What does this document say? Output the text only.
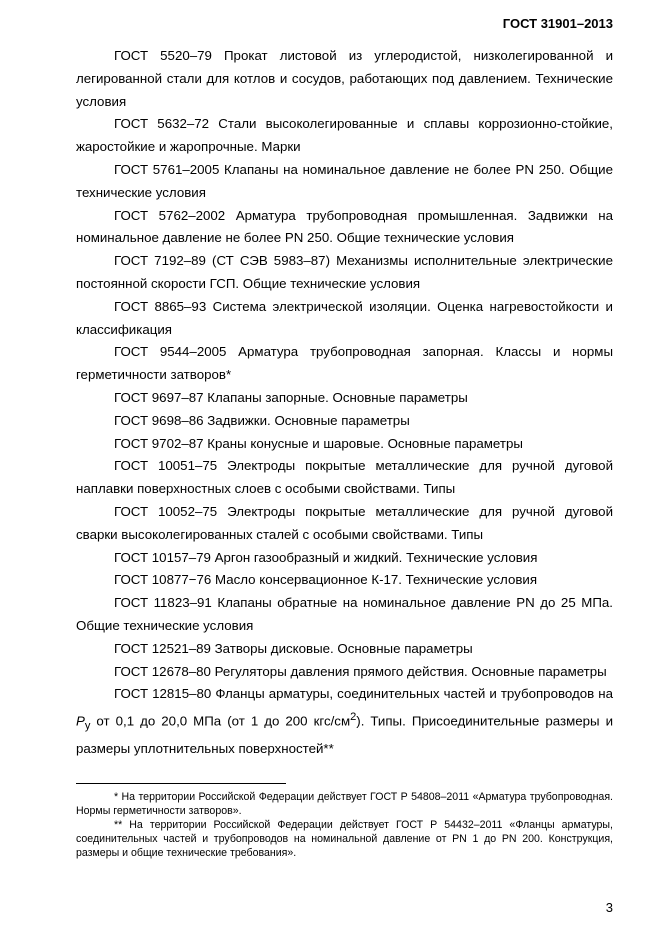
ГОСТ 31901–2013

ГОСТ 5520–79 Прокат листовой из углеродистой, низколегированной и легированной стали для котлов и сосудов, работающих под давлением. Технические условия

ГОСТ 5632–72 Стали высоколегированные и сплавы коррозионно-стойкие, жаростойкие и жаропрочные. Марки

ГОСТ 5761–2005 Клапаны на номинальное давление не более PN 250. Общие технические условия

ГОСТ 5762–2002 Арматура трубопроводная промышленная. Задвижки на номинальное давление не более PN 250. Общие технические условия

ГОСТ 7192–89 (СТ СЭВ 5983–87) Механизмы исполнительные электрические постоянной скорости ГСП. Общие технические условия

ГОСТ 8865–93 Система электрической изоляции. Оценка нагревостойкости и классификация

ГОСТ 9544–2005 Арматура трубопроводная запорная. Классы и нормы герметичности затворов*

ГОСТ 9697–87 Клапаны запорные. Основные параметры

ГОСТ 9698–86 Задвижки. Основные параметры

ГОСТ 9702–87 Краны конусные и шаровые. Основные параметры

ГОСТ 10051–75 Электроды покрытые металлические для ручной дуговой наплавки поверхностных слоев с особыми свойствами. Типы

ГОСТ 10052–75 Электроды покрытые металлические для ручной дуговой сварки высоколегированных сталей с особыми свойствами. Типы

ГОСТ 10157–79 Аргон газообразный и жидкий. Технические условия

ГОСТ 10877−76 Масло консервационное К-17. Технические условия

ГОСТ 11823–91 Клапаны обратные на номинальное давление PN до 25 МПа. Общие технические условия

ГОСТ 12521–89 Затворы дисковые. Основные параметры

ГОСТ 12678–80 Регуляторы давления прямого действия. Основные параметры

ГОСТ 12815–80 Фланцы арматуры, соединительных частей и трубопроводов на $P_у$ от 0,1 до 20,0 МПа (от 1 до 200 кгс/$см^2$). Типы. Присоединительные размеры и размеры уплотнительных поверхностей**

* На территории Российской Федерации действует ГОСТ Р 54808–2011 «Арматура трубопроводная. Нормы герметичности затворов».

** На территории Российской Федерации действует ГОСТ Р 54432–2011 «Фланцы арматуры, соединительных частей и трубопроводов на номинальной давление от PN 1 до PN 200. Конструкция, размеры и общие технические требования».

3
